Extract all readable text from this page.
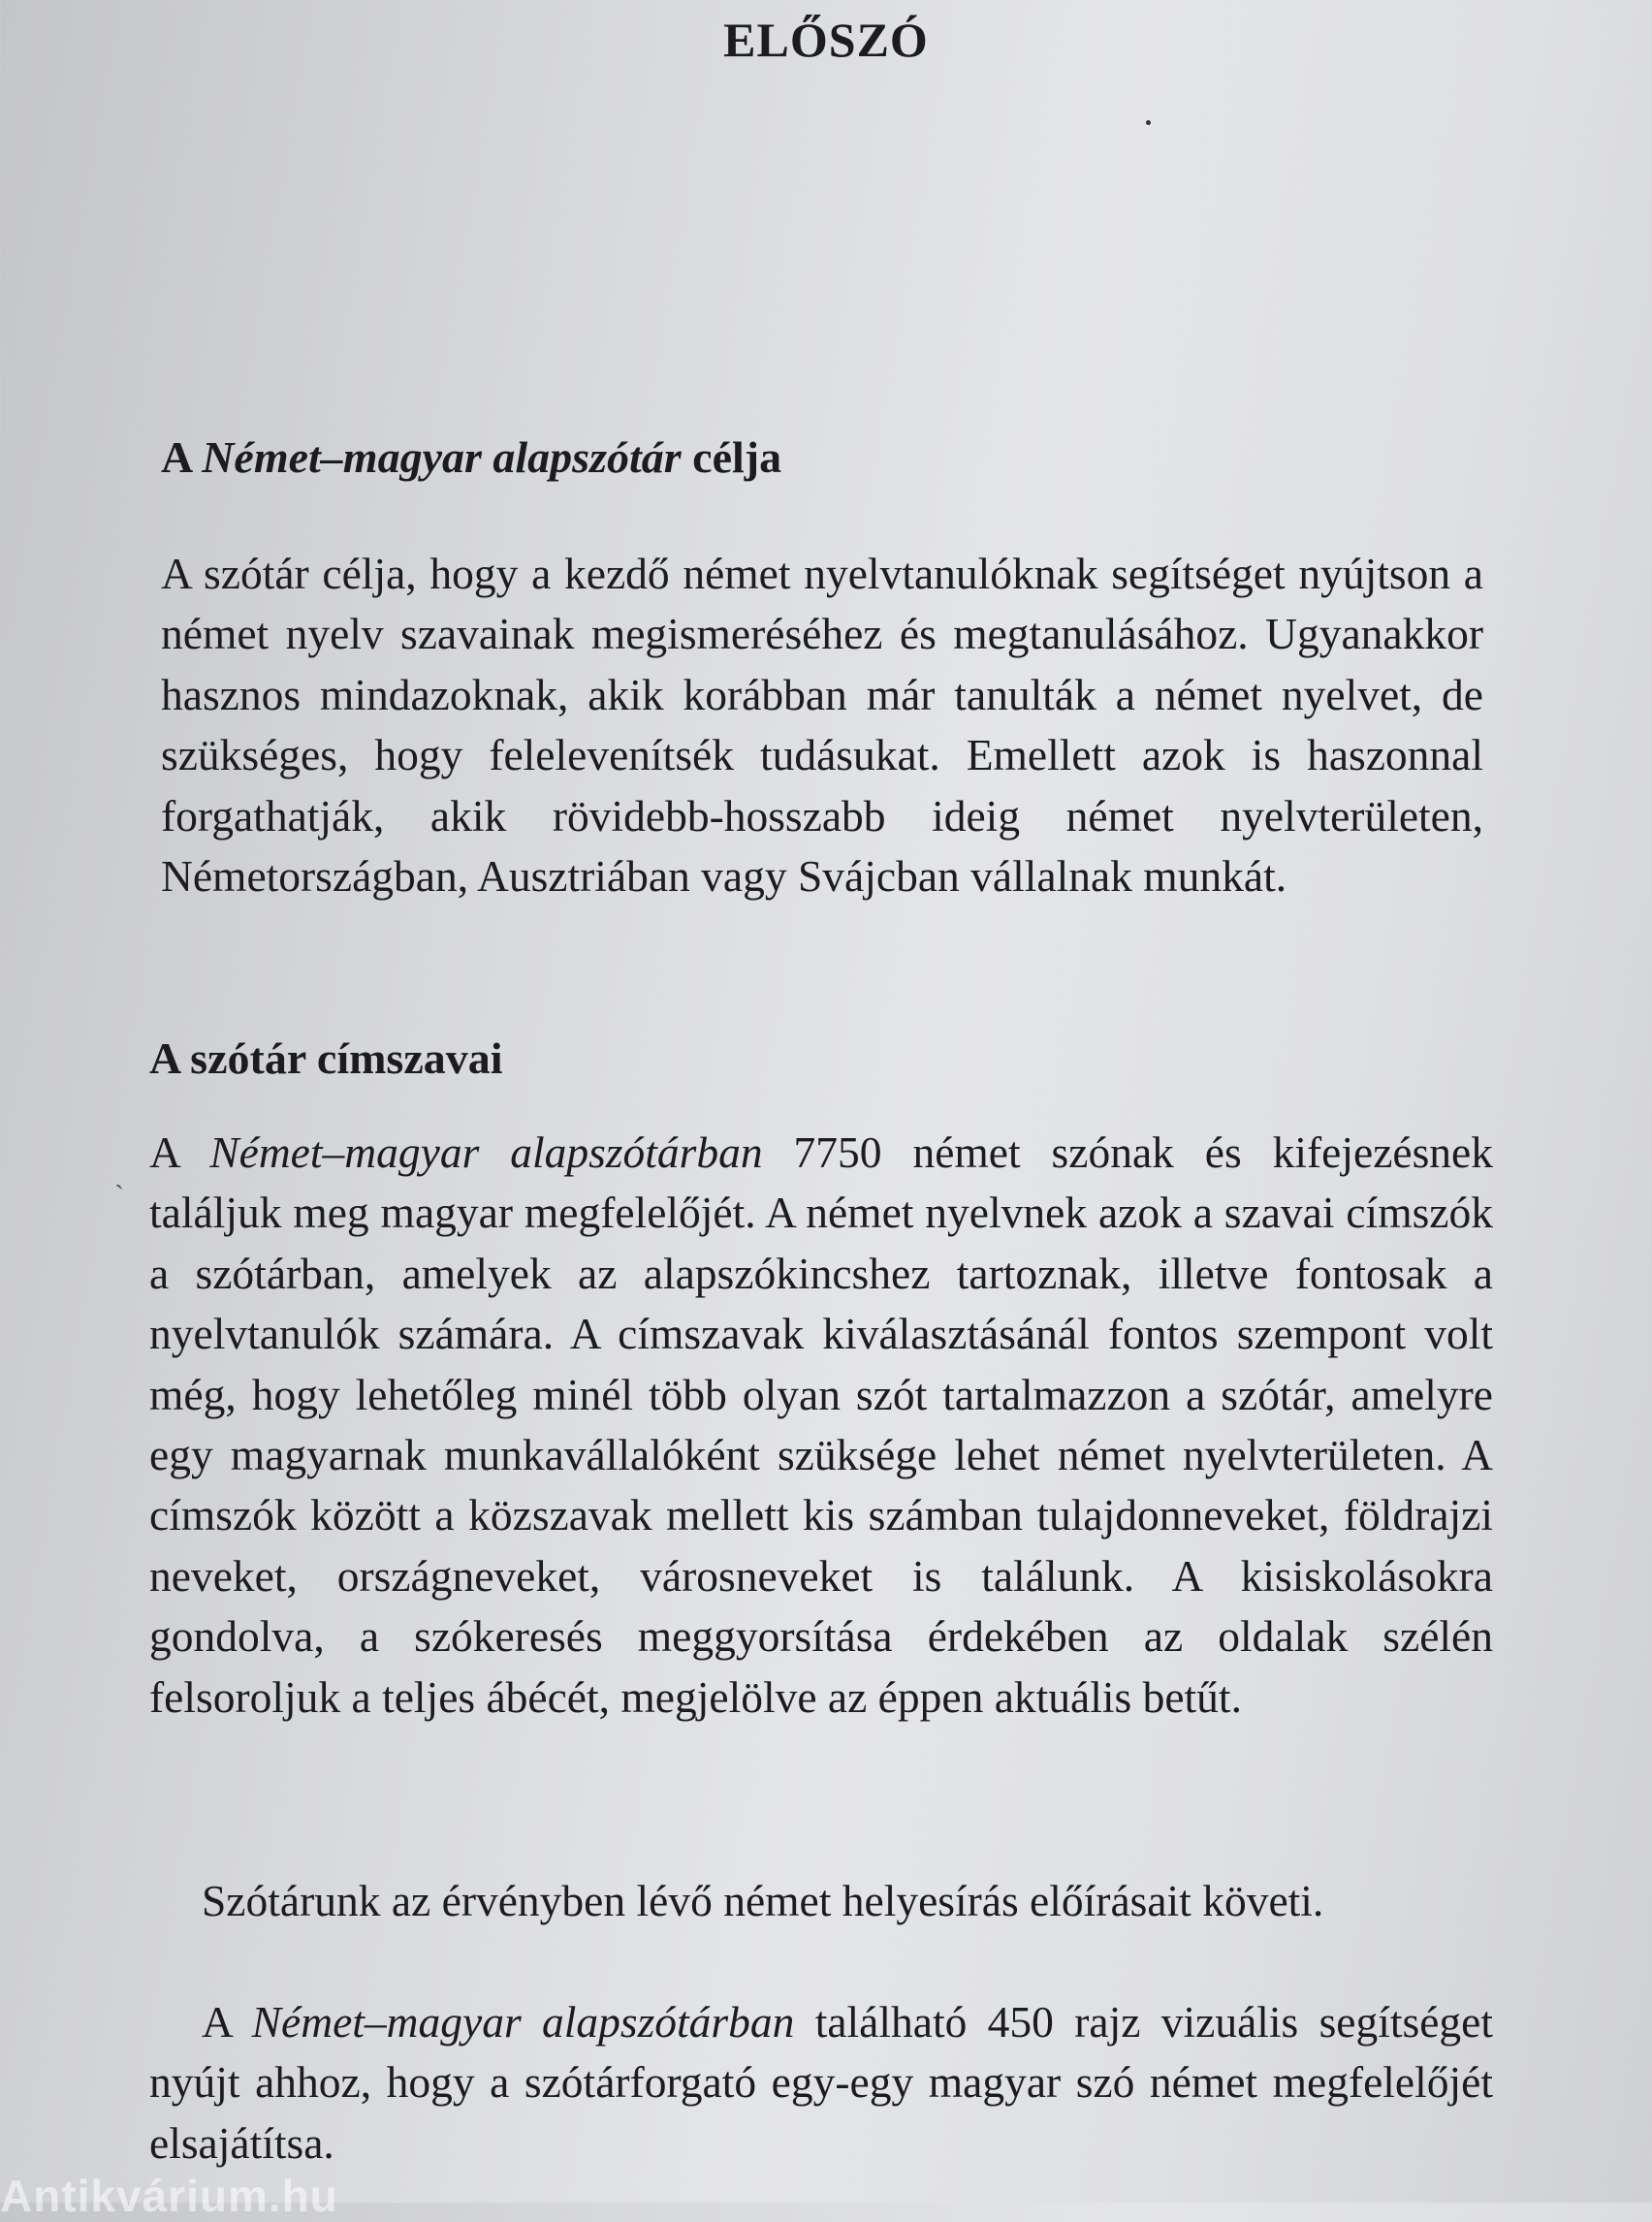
ELŐSZÓ
A Német–magyar alapszótár célja

A szótár célja, hogy a kezdő német nyelvtanulóknak segítséget nyújtson a német nyelv szavainak megismeréséhez és megtanulásához. Ugyanakkor hasznos mindazoknak, akik korábban már tanulták a német nyelvet, de szükséges, hogy felelevenítsék tudásukat. Emellett azok is haszonnal forgathatják, akik rövidebb-hosszabb ideig német nyelvterületen, Németországban, Ausztriában vagy Svájcban vállalnak munkát.

A szótár címszavai
ˎ A Német–magyar alapszótárban 7750 német szónak és kifejezésnek találjuk meg magyar megfelelőjét. A német nyelvnek azok a szavai címszók a szótárban, amelyek az alapszókincshez tartoznak, illetve fontosak a nyelvtanulók számára. A címszavak kiválasztásánál fontos szempont volt még, hogy lehetőleg minél több olyan szót tartalmazzon a szótár, amelyre egy magyarnak munkavállalóként szüksége lehet német nyelvterületen. A címszók között a közszavak mellett kis számban tulajdonneveket, földrajzi neveket, országneveket, városneveket is találunk. A kisiskolásokra gondolva, a szókeresés meggyorsítása érdekében az oldalak szélén felsoroljuk a teljes ábécét, megjelölve az éppen aktuális betűt.

Szótárunk az érvényben lévő német helyesírás előírásait követi.

A Német–magyar alapszótárban található 450 rajz vizuális segítséget nyújt ahhoz, hogy a szótárforgató egy-egy magyar szó német megfelelőjét elsajátítsa.

Antikvárium.hu
